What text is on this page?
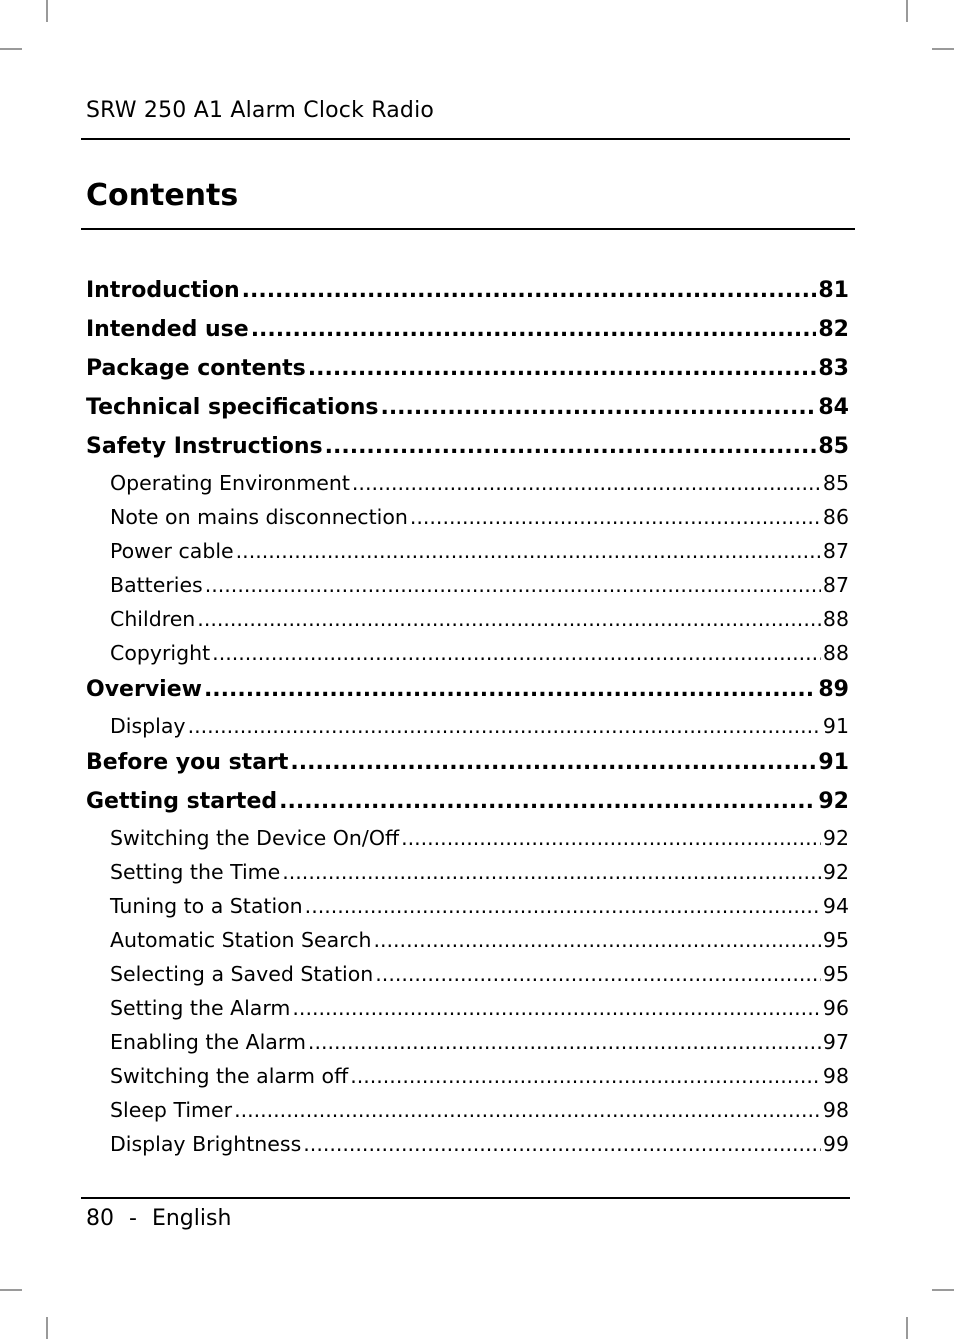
SRW 250 A1 Alarm Clock Radio
Contents
Introduction .....	81
Intended use .....	82
Package contents .....	83
Technical specifications .....	84
Safety Instructions .....	85
Operating Environment .....	85
Note on mains disconnection .....	86
Power cable .....	87
Batteries .....	87
Children .....	88
Copyright .....	88
Overview .....	89
Display .....	91
Before you start .....	91
Getting started .....	92
Switching the Device On/Off .....	92
Setting the Time .....	92
Tuning to a Station .....	94
Automatic Station Search .....	95
Selecting a Saved Station .....	95
Setting the Alarm .....	96
Enabling the Alarm .....	97
Switching the alarm off .....	98
Sleep Timer .....	98
Display Brightness .....	99
80 - English
